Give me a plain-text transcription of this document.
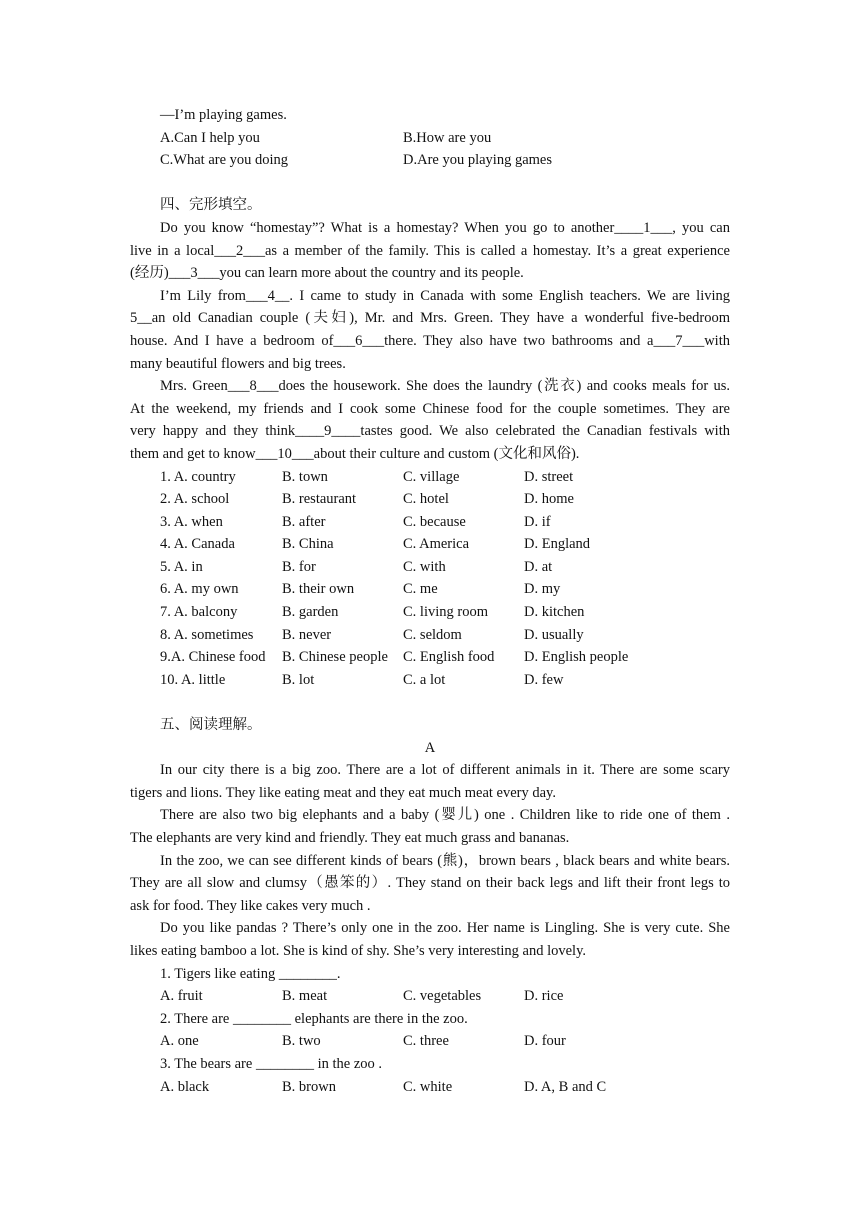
—I’m playing games.
A.Can I help you	B.How are you
C.What are you doing	D.Are you playing games
四、完形填空。
Do you know “homestay”? What is a homestay? When you go to another____1___, you can
live in a local___2___as a member of the family. This is called a homestay. It’s a great experience
(经历)___3___you can learn more about the country and its people.
I’m Lily from___4__. I came to study in Canada with some English teachers. We are living
5__an old Canadian couple (夫妇), Mr. and Mrs. Green. They have a wonderful five-bedroom
house. And I have a bedroom of___6___there. They also have two bathrooms and a___7___with
many beautiful flowers and big trees.
Mrs. Green___8___does the housework. She does the laundry (洗衣) and cooks meals for us.
At the weekend, my friends and I cook some Chinese food for the couple sometimes. They are
very happy and they think____9____tastes good. We also celebrated the Canadian festivals with
them and get to know___10___about their culture and custom (文化和风俗).
1. A. country	B. town	C. village	D. street
2. A. school	B. restaurant	C. hotel	D. home
3. A. when	B. after	C. because	D. if
4. A. Canada	B. China	C. America	D. England
5. A. in	B. for	C. with	D. at
6. A. my own	B. their own	C. me	D. my
7. A. balcony	B. garden	C. living room	D. kitchen
8. A. sometimes	B. never	C. seldom	D. usually
9.A. Chinese food	B. Chinese people	C. English food	D. English people
10. A. little	B. lot	C. a lot	D. few
五、阅读理解。
A
In our city there is a big zoo. There are a lot of different animals in it. There are some scary
tigers and lions. They like eating meat and they eat much meat every day.
There are also two big elephants and a baby (婴儿) one . Children like to ride one of them .
The elephants are very kind and friendly. They eat much grass and bananas.
In the zoo, we can see different kinds of bears (熊)，brown bears , black bears and white bears.
They are all slow and clumsy（愚笨的）. They stand on their back legs and lift their front legs to
ask for food. They like cakes very much .
Do you like pandas ? There’s only one in the zoo. Her name is Lingling. She is very cute. She
likes eating bamboo a lot. She is kind of shy. She’s very interesting and lovely.
1. Tigers like eating ________.
A. fruit	B. meat	C. vegetables	D. rice
2. There are ________ elephants are there in the zoo.
A. one	B. two	C. three	D. four
3. The bears are ________ in the zoo .
A. black	B. brown	C. white	D. A, B and C
